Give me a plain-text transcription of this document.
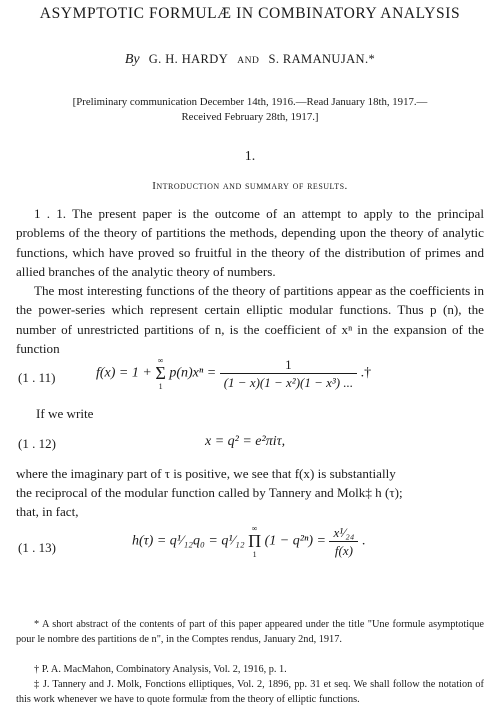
ASYMPTOTIC FORMULÆ IN COMBINATORY ANALYSIS
By G. H. HARDY AND S. RAMANUJAN.*
[Preliminary communication December 14th, 1916.—Read January 18th, 1917.—
Received February 28th, 1917.]
1.
Introduction and summary of results.

1 . 1. The present paper is the outcome of an attempt to apply to the principal problems of the theory of partitions the methods, depending upon the theory of analytic functions, which have proved so fruitful in the theory of the distribution of primes and allied branches of the analytic theory of numbers.

The most interesting functions of the theory of partitions appear as the coefficients in the power-series which represent certain elliptic modular functions. Thus p (n), the number of unrestricted partitions of n, is the coefficient of xⁿ in the expansion of the function

(1 . 11)	f(x) = 1 +
∞
Σ
1
$p(n)x^n = \frac{1}{\text{(1 − x)(1 − x²)(1 − x³) ...}}$ .†
If we write
(1 . 12)	x = q² = e²πiτ,
where the imaginary part of τ is positive, we see that f(x) is substantially
the reciprocal of the modular function called by Tannery and Molk‡ h (τ);
that, in fact,
(1 . 13)	h(τ) = q¹⁄₁₂q₀ = q¹⁄₁₂
∞
Π
1
$(1 - q^{2n}) = \frac{\text{x¹⁄₂₄}}{f(x)}$ .

* A short abstract of the contents of part of this paper appeared under the title "Une formule asymptotique pour le nombre des partitions de n", in the Comptes rendus, January 2nd, 1917.

† P. A. MacMahon, Combinatory Analysis, Vol. 2, 1916, p. 1.

‡ J. Tannery and J. Molk, Fonctions elliptiques, Vol. 2, 1896, pp. 31 et seq. We shall follow the notation of this work whenever we have to quote formulæ from the theory of elliptic functions.
